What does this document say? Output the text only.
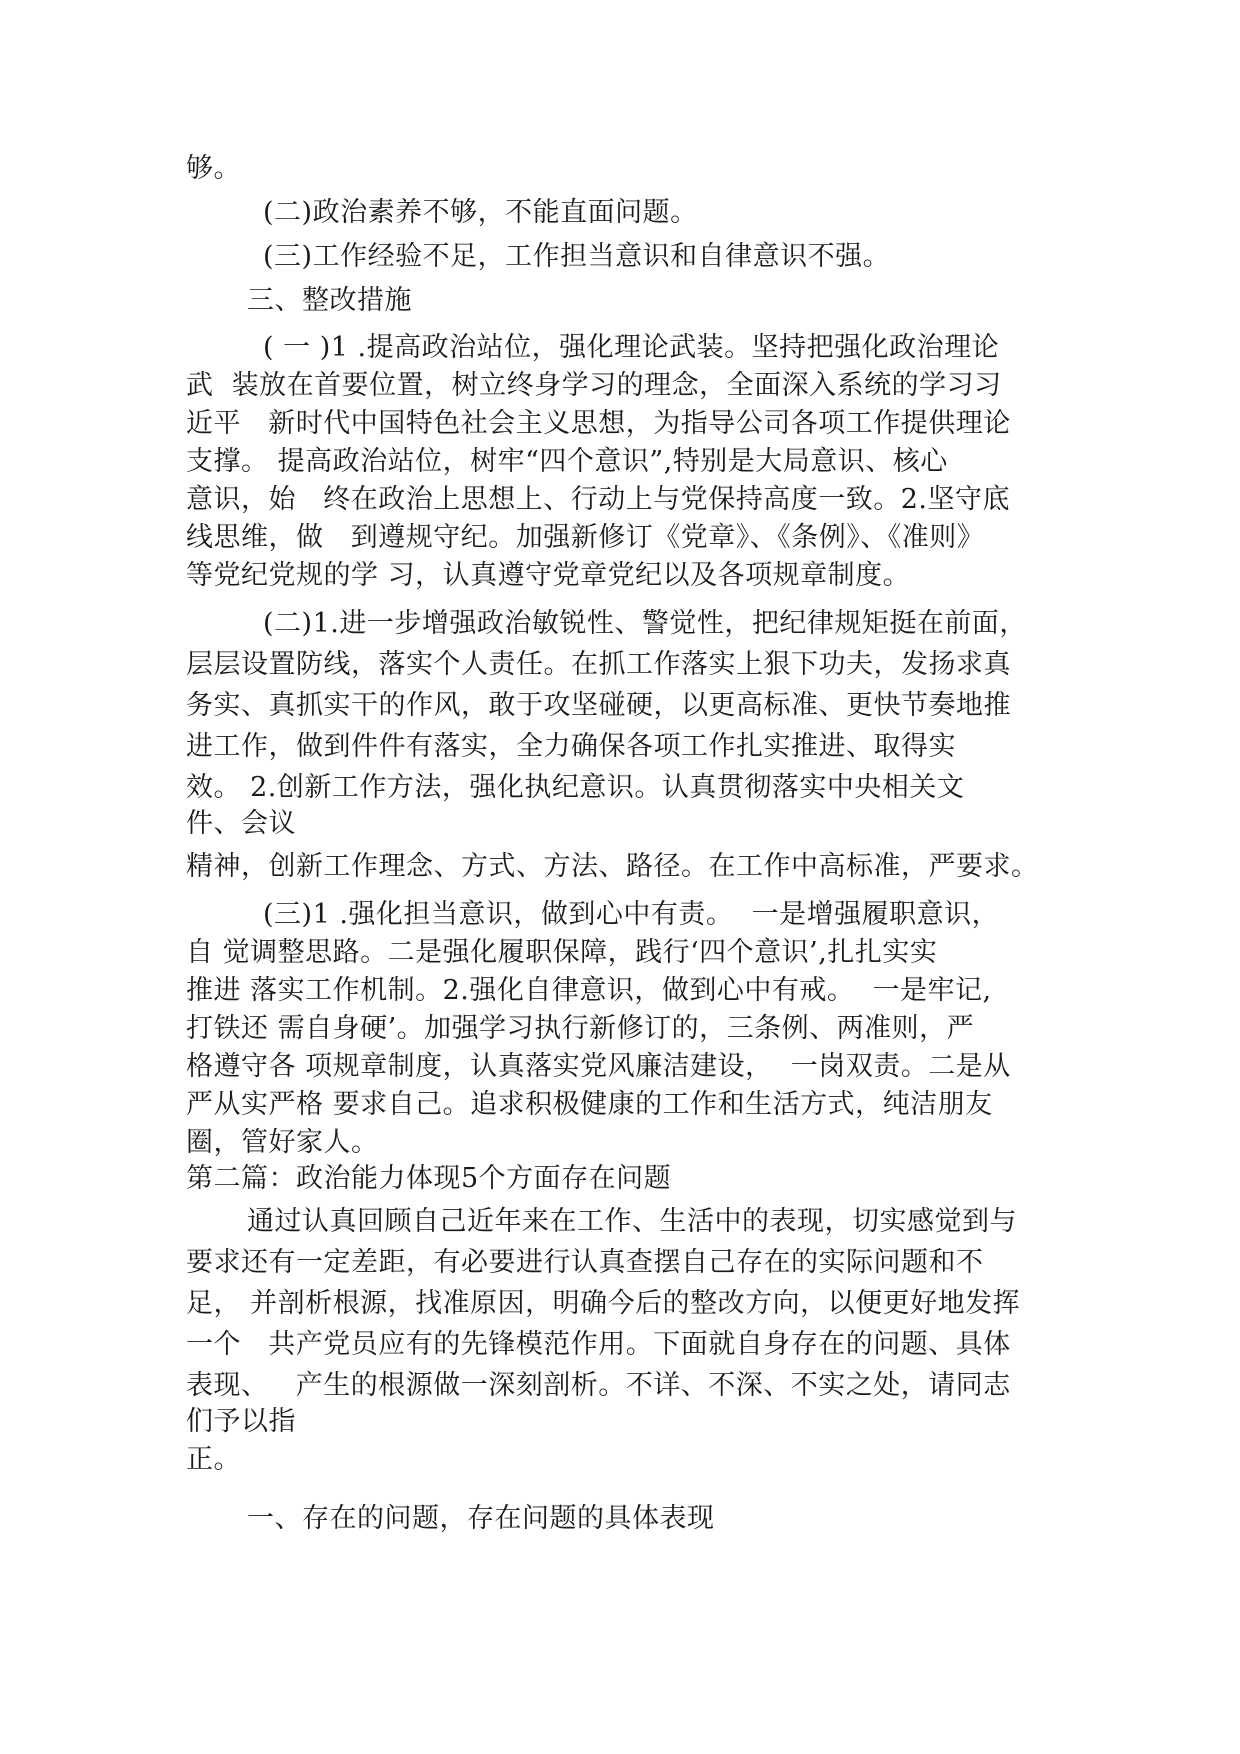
够。
(二)政治素养不够，不能直面问题。
(三)工作经验不足，工作担当意识和自律意识不强。
三、整改措施
( 一 )1 .提高政治站位，强化理论武装。坚持把强化政治理论
武  装放在首要位置，树立终身学习的理念，全面深入系统的学习习
近平   新时代中国特色社会主义思想，为指导公司各项工作提供理论
支撑。 提高政治站位，树牢“四个意识”,特别是大局意识、核心
意识，始   终在政治上思想上、行动上与党保持高度一致。2.坚守底
线思维，做   到遵规守纪。加强新修订《党章》、《条例》、《准则》
等党纪党规的学 习，认真遵守党章党纪以及各项规章制度。
(二)1.进一步增强政治敏锐性、警觉性，把纪律规矩挺在前面，
层层设置防线，落实个人责任。在抓工作落实上狠下功夫，发扬求真
务实、真抓实干的作风，敢于攻坚碰硬，以更高标准、更快节奏地推
进工作，做到件件有落实，全力确保各项工作扎实推进、取得实
效。 2.创新工作方法，强化执纪意识。认真贯彻落实中央相关文
件、会议
精神，创新工作理念、方式、方法、路径。在工作中高标准，严要求。
(三)1 .强化担当意识，做到心中有责。  一是增强履职意识，
自 觉调整思路。二是强化履职保障，践行‘四个意识’,扎扎实实
推进 落实工作机制。2.强化自律意识，做到心中有戒。  一是牢记,
打铁还 需自身硬’。加强学习执行新修订的，三条例、两准则，严
格遵守各 项规章制度，认真落实党风廉洁建设，  一岗双责。二是从
严从实严格 要求自己。追求积极健康的工作和生活方式，纯洁朋友
圈，管好家人。
第二篇：政治能力体现5个方面存在问题
通过认真回顾自己近年来在工作、生活中的表现，切实感觉到与
要求还有一定差距，有必要进行认真查摆自己存在的实际问题和不
足， 并剖析根源，找准原因，明确今后的整改方向，以便更好地发挥
一个   共产党员应有的先锋模范作用。下面就自身存在的问题、具体
表现、   产生的根源做一深刻剖析。不详、不深、不实之处，请同志
们予以指
正。
一、存在的问题，存在问题的具体表现
